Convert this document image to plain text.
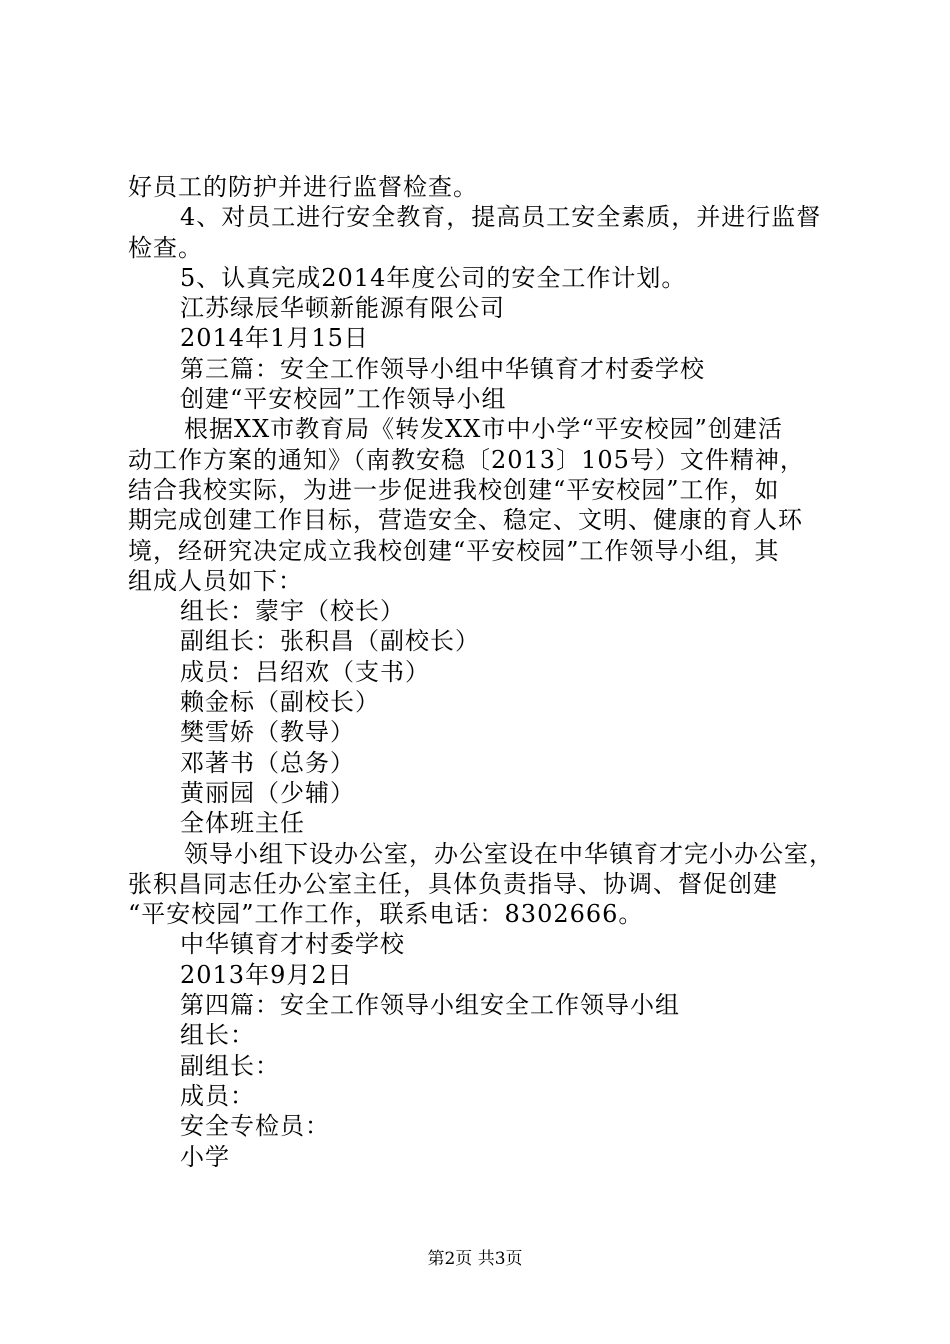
好员工的防护并进行监督检查。
4、对员工进行安全教育，提高员工安全素质，并进行监督
检查。
5、认真完成2014年度公司的安全工作计划。
江苏绿辰华顿新能源有限公司
2014年1月15日
第三篇：安全工作领导小组中华镇育才村委学校
创建“平安校园”工作领导小组
根据XX市教育局《转发XX市中小学“平安校园”创建活
动工作方案的通知》（南教安稳〔2013〕105号）文件精神，
结合我校实际，为进一步促进我校创建“平安校园”工作，如
期完成创建工作目标，营造安全、稳定、文明、健康的育人环
境，经研究决定成立我校创建“平安校园”工作领导小组，其
组成人员如下：
组长：蒙宇（校长）
副组长：张积昌（副校长）
成员：吕绍欢（支书）
赖金标（副校长）
樊雪娇（教导）
邓著书（总务）
黄丽园（少辅）
全体班主任
领导小组下设办公室，办公室设在中华镇育才完小办公室，
张积昌同志任办公室主任，具体负责指导、协调、督促创建
“平安校园”工作工作，联系电话：8302666。
中华镇育才村委学校
2013年9月2日
第四篇：安全工作领导小组安全工作领导小组
组长：
副组长：
成员：
安全专检员：
小学
第2页 共3页
